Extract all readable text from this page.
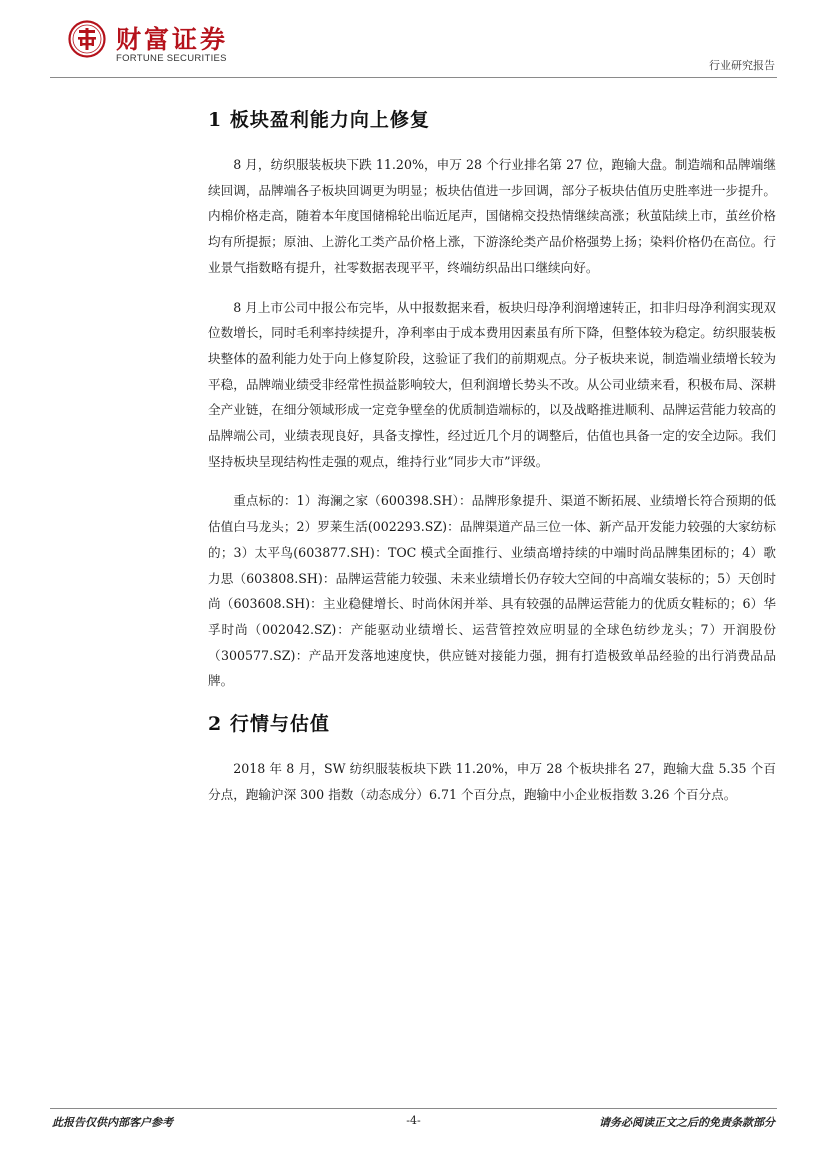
财富证券
FORTUNE SECURITIES
行业研究报告
1 板块盈利能力向上修复

8 月，纺织服装板块下跌 11.20%，申万 28 个行业排名第 27 位，跑输大盘。制造端和品牌端继续回调，品牌端各子板块回调更为明显；板块估值进一步回调，部分子板块估值历史胜率进一步提升。内棉价格走高，随着本年度国储棉轮出临近尾声，国储棉交投热情继续高涨；秋茧陆续上市，茧丝价格均有所提振；原油、上游化工类产品价格上涨，下游涤纶类产品价格强势上扬；染料价格仍在高位。行业景气指数略有提升，社零数据表现平平，终端纺织品出口继续向好。

8 月上市公司中报公布完毕，从中报数据来看，板块归母净利润增速转正，扣非归母净利润实现双位数增长，同时毛利率持续提升，净利率由于成本费用因素虽有所下降，但整体较为稳定。纺织服装板块整体的盈利能力处于向上修复阶段，这验证了我们的前期观点。分子板块来说，制造端业绩增长较为平稳，品牌端业绩受非经常性损益影响较大，但利润增长势头不改。从公司业绩来看，积极布局、深耕全产业链，在细分领域形成一定竞争壁垒的优质制造端标的，以及战略推进顺利、品牌运营能力较高的品牌端公司，业绩表现良好，具备支撑性，经过近几个月的调整后，估值也具备一定的安全边际。我们坚持板块呈现结构性走强的观点，维持行业“同步大市”评级。

重点标的：1）海澜之家（600398.SH）：品牌形象提升、渠道不断拓展、业绩增长符合预期的低估值白马龙头；2）罗莱生活(002293.SZ)：品牌渠道产品三位一体、新产品开发能力较强的大家纺标的；3）太平鸟(603877.SH)：TOC 模式全面推行、业绩高增持续的中端时尚品牌集团标的；4）歌力思（603808.SH)：品牌运营能力较强、未来业绩增长仍存较大空间的中高端女装标的；5）天创时尚（603608.SH)：主业稳健增长、时尚休闲并举、具有较强的品牌运营能力的优质女鞋标的；6）华孚时尚（002042.SZ)：产能驱动业绩增长、运营管控效应明显的全球色纺纱龙头；7）开润股份（300577.SZ)：产品开发落地速度快，供应链对接能力强，拥有打造极致单品经验的出行消费品品牌。

2 行情与估值

2018 年 8 月，SW 纺织服装板块下跌 11.20%，申万 28 个板块排名 27，跑输大盘 5.35 个百分点，跑输沪深 300 指数（动态成分）6.71 个百分点，跑输中小企业板指数 3.26 个百分点。

此报告仅供内部客户参考	-4-	请务必阅读正文之后的免责条款部分
